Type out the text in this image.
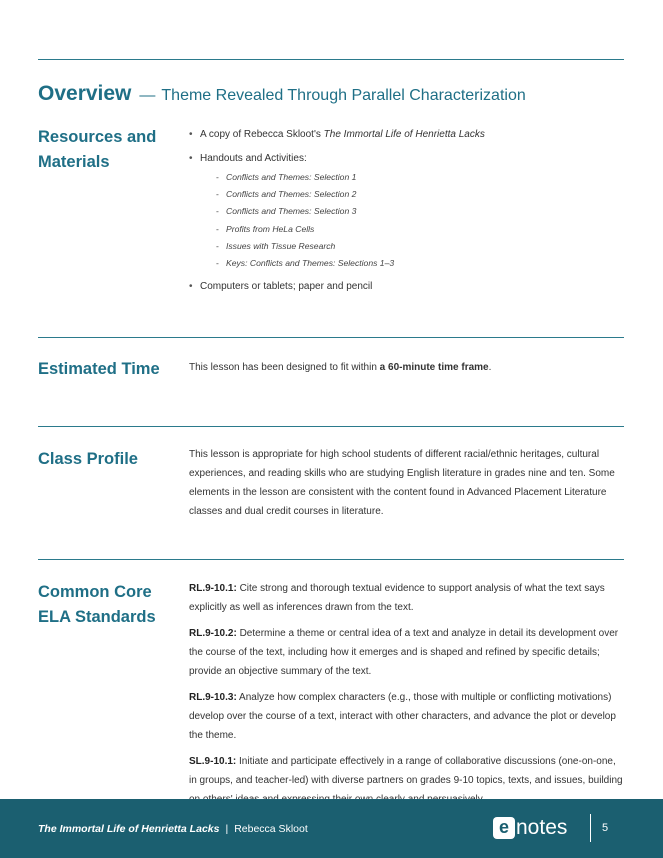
Overview — Theme Revealed Through Parallel Characterization
Resources and Materials
• A copy of Rebecca Skloot's The Immortal Life of Henrietta Lacks
• Handouts and Activities:
- Conflicts and Themes: Selection 1
- Conflicts and Themes: Selection 2
- Conflicts and Themes: Selection 3
- Profits from HeLa Cells
- Issues with Tissue Research
- Keys: Conflicts and Themes: Selections 1–3
• Computers or tablets; paper and pencil
Estimated Time	This lesson has been designed to fit within a 60-minute time frame.
Class Profile	This lesson is appropriate for high school students of different racial/ethnic heritages, cultural experiences, and reading skills who are studying English literature in grades nine and ten. Some elements in the lesson are consistent with the content found in Advanced Placement Literature classes and dual credit courses in literature.
Common Core ELA Standards

RL.9-10.1: Cite strong and thorough textual evidence to support analysis of what the text says explicitly as well as inferences drawn from the text.

RL.9-10.2: Determine a theme or central idea of a text and analyze in detail its development over the course of the text, including how it emerges and is shaped and refined by specific details; provide an objective summary of the text.

RL.9-10.3: Analyze how complex characters (e.g., those with multiple or conflicting motivations) develop over the course of a text, interact with other characters, and advance the plot or develop the theme.

SL.9-10.1: Initiate and participate effectively in a range of collaborative discussions (one-on-one, in groups, and teacher-led) with diverse partners on grades 9-10 topics, texts, and issues, building

The Immortal Life of Henrietta Lacks | Rebecca Skloot	e notes	5
